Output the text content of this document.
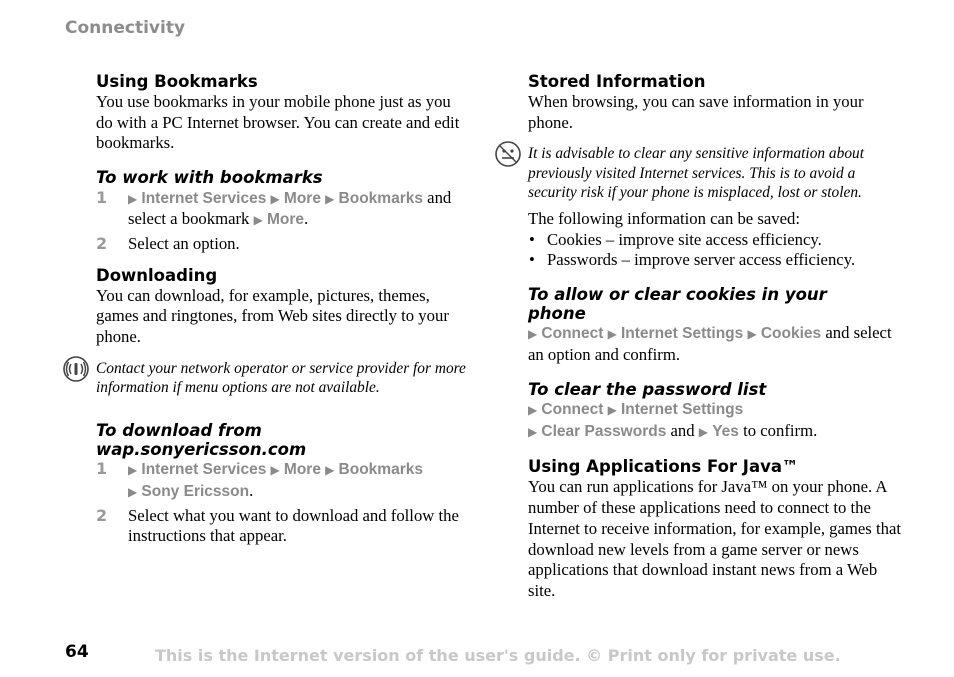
Connectivity
Using Bookmarks

You use bookmarks in your mobile phone just as you do with a PC Internet browser. You can create and edit bookmarks.

To work with bookmarks
1 ▶ Internet Services ▶ More ▶ Bookmarks and select a bookmark ▶ More.
2 Select an option.
Downloading

You can download, for example, pictures, themes, games and ringtones, from Web sites directly to your phone.

Contact your network operator or service provider for more information if menu options are not available.
To download from
wap.sonyericsson.com
1 ▶ Internet Services ▶ More ▶ Bookmarks
▶ Sony Ericsson.
2 Select what you want to download and follow the instructions that appear.
Stored Information

When browsing, you can save information in your phone.

It is advisable to clear any sensitive information about previously visited Internet services. This is to avoid a security risk if your phone is misplaced, lost or stolen.

The following information can be saved:

• Cookies – improve site access efficiency.
• Passwords – improve server access efficiency.
To allow or clear cookies in your
phone

▶ Connect ▶ Internet Settings ▶ Cookies and select an option and confirm.

To clear the password list

▶ Connect ▶ Internet Settings
▶ Clear Passwords and ▶ Yes to confirm.

Using Applications For Java™

You can run applications for Java™ on your phone. A number of these applications need to connect to the Internet to receive information, for example, games that download new levels from a game server or news applications that download instant news from a Web site.

64	This is the Internet version of the user's guide. © Print only for private use.
